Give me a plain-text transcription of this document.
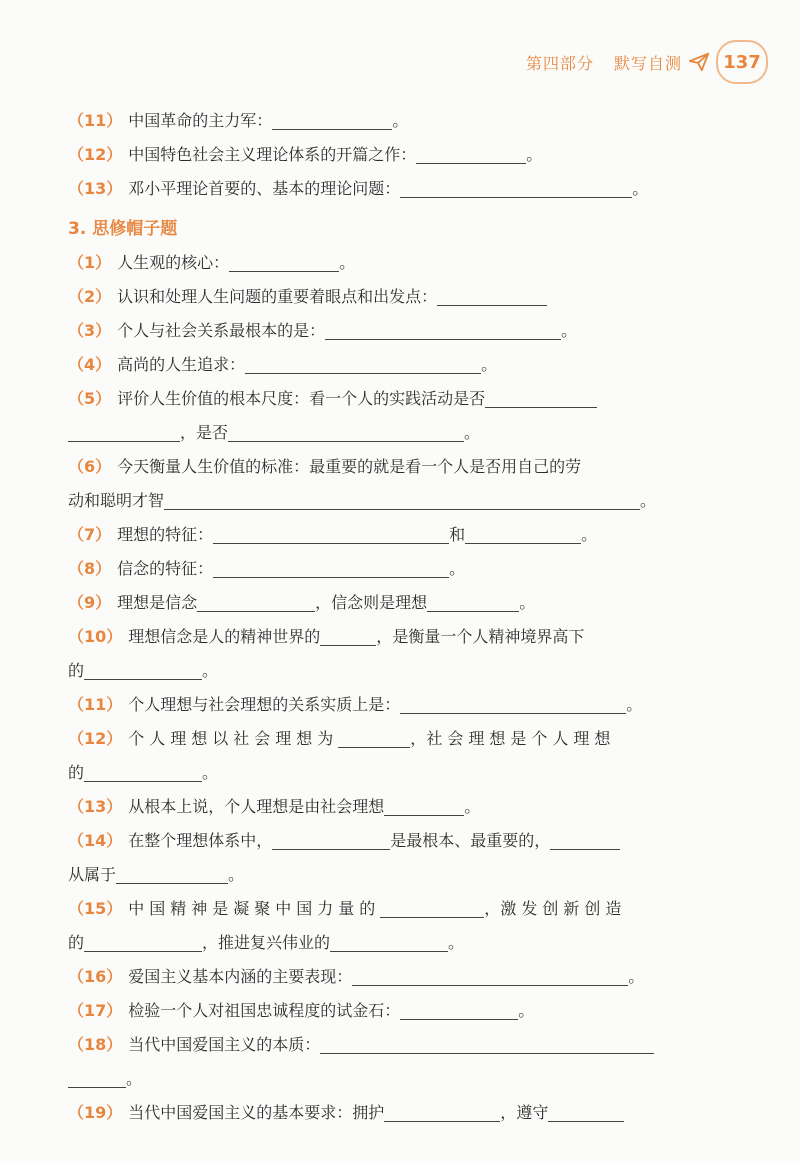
第四部分 默写自测	137
（11） 中国革命的主力军：	。
（12） 中国特色社会主义理论体系的开篇之作：	。
（13） 邓小平理论首要的、基本的理论问题：	。
3. 思修帽子题
（1） 人生观的核心：	。
（2） 认识和处理人生问题的重要着眼点和出发点：
（3） 个人与社会关系最根本的是：	。
（4） 高尚的人生追求：	。
（5） 评价人生价值的根本尺度：看一个人的实践活动是否
，是否	。
（6） 今天衡量人生价值的标准：最重要的就是看一个人是否用自己的劳
动和聪明才智	。
（7） 理想的特征：	和	。
（8） 信念的特征：	。
（9） 理想是信念	，信念则是理想	。
（10） 理想信念是人的精神世界的	，是衡量一个人精神境界高下
的	。
（11） 个人理想与社会理想的关系实质上是：	。
（12） 个人理想以社会理想为	，社会理想是个人理想
的	。
（13） 从根本上说，个人理想是由社会理想	。
（14） 在整个理想体系中，	是最根本、最重要的，
从属于	。
（15） 中国精神是凝聚中国力量的	，激发创新创造
的	，推进复兴伟业的	。
（16） 爱国主义基本内涵的主要表现：	。
（17） 检验一个人对祖国忠诚程度的试金石：	。
（18） 当代中国爱国主义的本质：
。
（19） 当代中国爱国主义的基本要求：拥护	，遵守
